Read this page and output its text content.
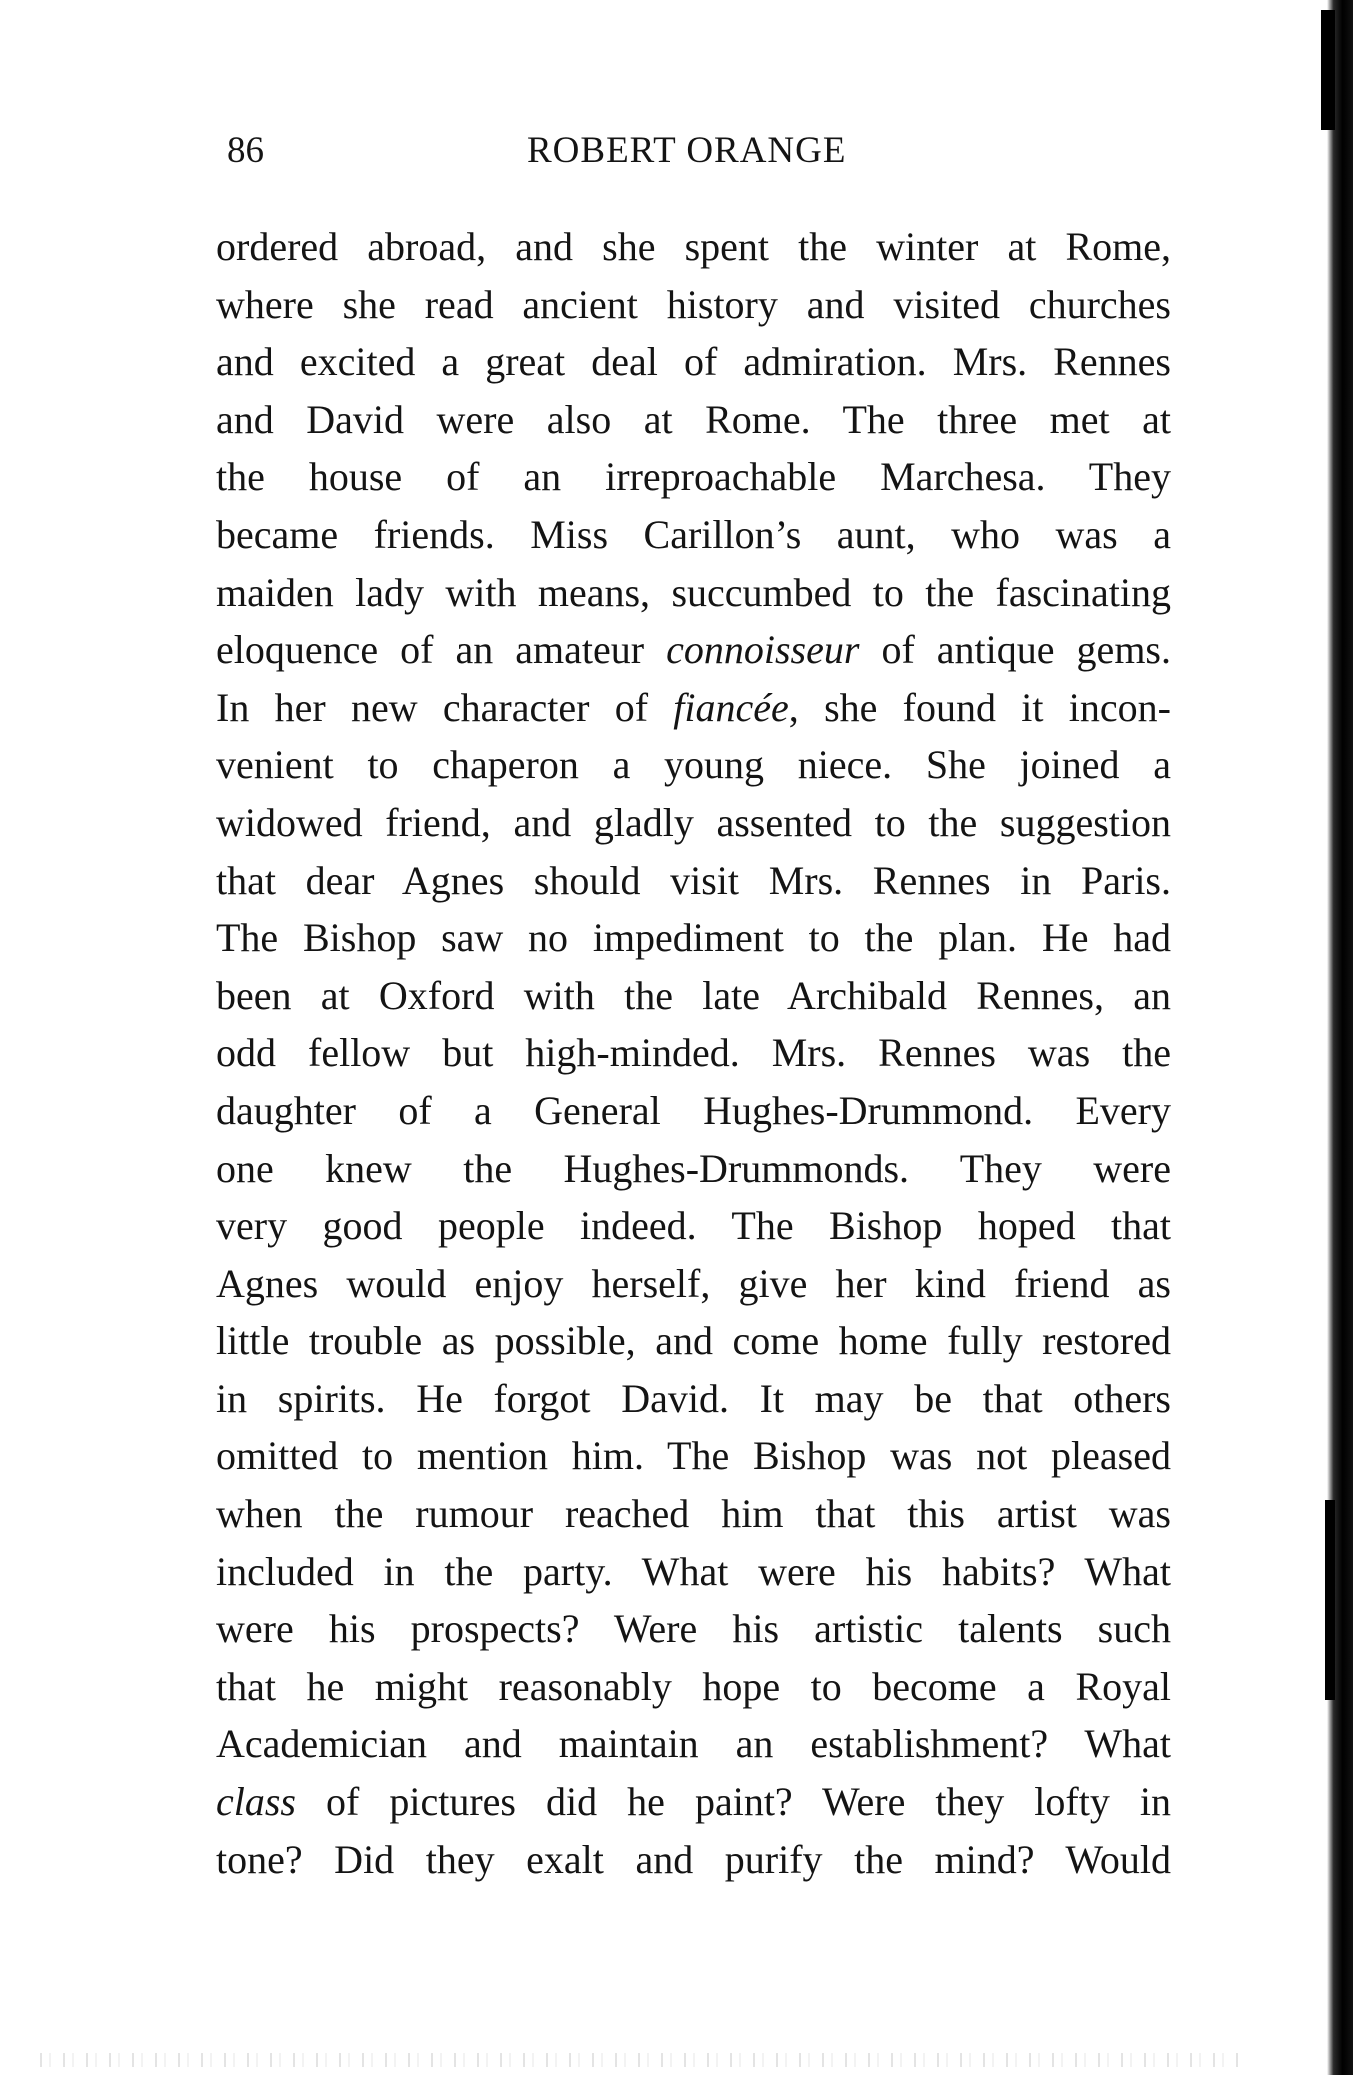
86	ROBERT ORANGE
ordered abroad, and she spent the winter at Rome,
where she read ancient history and visited churches
and excited a great deal of admiration. Mrs. Rennes
and David were also at Rome. The three met at
the house of an irreproachable Marchesa. They
became friends. Miss Carillon’s aunt, who was a
maiden lady with means, succumbed to the fascinating
eloquence of an amateur connoisseur of antique gems.
In her new character of fiancée, she found it incon-
venient to chaperon a young niece. She joined a
widowed friend, and gladly assented to the suggestion
that dear Agnes should visit Mrs. Rennes in Paris.
The Bishop saw no impediment to the plan. He had
been at Oxford with the late Archibald Rennes, an
odd fellow but high-minded. Mrs. Rennes was the
daughter of a General Hughes-Drummond. Every
one knew the Hughes-Drummonds. They were
very good people indeed. The Bishop hoped that
Agnes would enjoy herself, give her kind friend as
little trouble as possible, and come home fully restored
in spirits. He forgot David. It may be that others
omitted to mention him. The Bishop was not pleased
when the rumour reached him that this artist was
included in the party. What were his habits? What
were his prospects? Were his artistic talents such
that he might reasonably hope to become a Royal
Academician and maintain an establishment? What
class of pictures did he paint? Were they lofty in
tone? Did they exalt and purify the mind? Would
